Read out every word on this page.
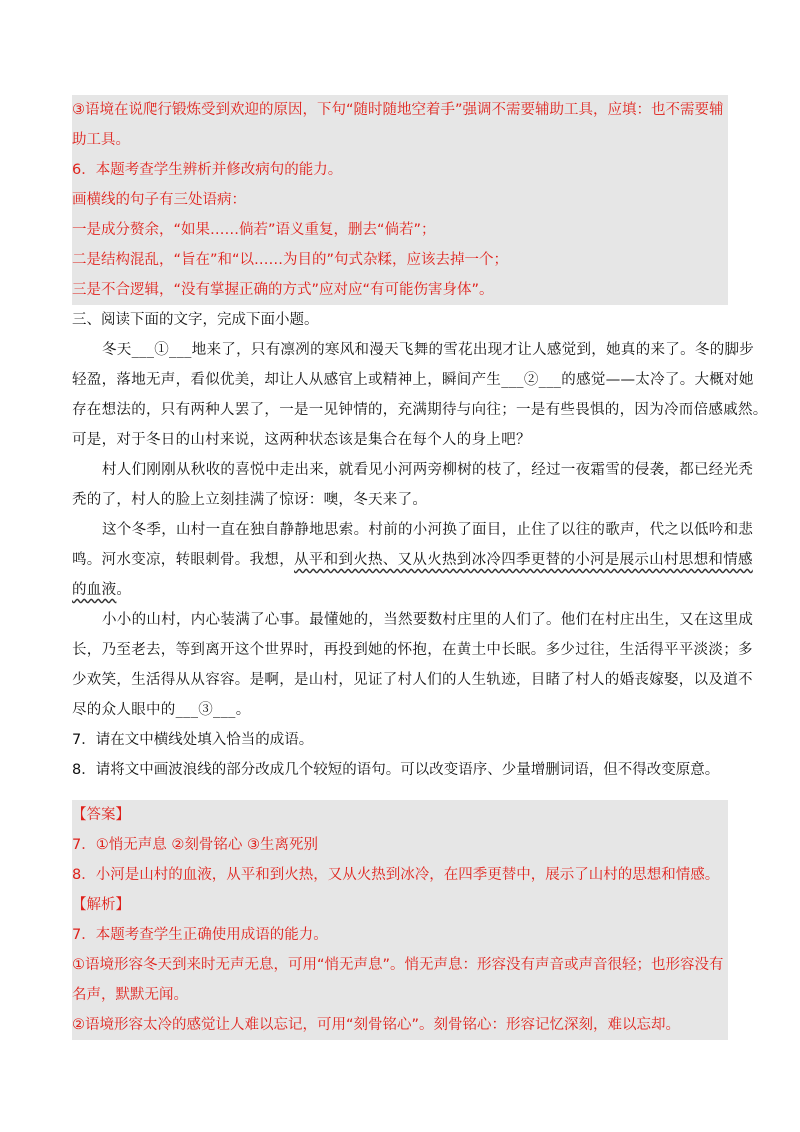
③语境在说爬行锻炼受到欢迎的原因，下句“随时随地空着手”强调不需要辅助工具，应填：也不需要辅
助工具。
6．本题考查学生辨析并修改病句的能力。
画横线的句子有三处语病：
一是成分赘余，“如果……倘若”语义重复，删去“倘若”；
二是结构混乱，“旨在”和“以……为目的”句式杂糅，应该去掉一个；
三是不合逻辑，“没有掌握正确的方式”应对应“有可能伤害身体”。
三、阅读下面的文字，完成下面小题。
冬天___①___地来了，只有凛冽的寒风和漫天飞舞的雪花出现才让人感觉到，她真的来了。冬的脚步
轻盈，落地无声，看似优美，却让人从感官上或精神上，瞬间产生___②___的感觉——太冷了。大概对她
存在想法的，只有两种人罢了，一是一见钟情的，充满期待与向往；一是有些畏惧的，因为冷而倍感戚然。
可是，对于冬日的山村来说，这两种状态该是集合在每个人的身上吧？
村人们刚刚从秋收的喜悦中走出来，就看见小河两旁柳树的枝了，经过一夜霜雪的侵袭，都已经光秃
秃的了，村人的脸上立刻挂满了惊讶：噢，冬天来了。
这个冬季，山村一直在独自静静地思索。村前的小河换了面目，止住了以往的歌声，代之以低吟和悲
鸣。河水变凉，转眼刺骨。我想，从平和到火热、又从火热到冰冷四季更替的小河是展示山村思想和情感
的血液。
小小的山村，内心装满了心事。最懂她的，当然要数村庄里的人们了。他们在村庄出生，又在这里成
长，乃至老去，等到离开这个世界时，再投到她的怀抱，在黄土中长眠。多少过往，生活得平平淡淡；多
少欢笑，生活得从从容容。是啊，是山村，见证了村人们的人生轨迹，目睹了村人的婚丧嫁娶，以及道不
尽的众人眼中的___③___。
7．请在文中横线处填入恰当的成语。
8．请将文中画波浪线的部分改成几个较短的语句。可以改变语序、少量增删词语，但不得改变原意。
【答案】
7．①悄无声息 ②刻骨铭心 ③生离死别
8．小河是山村的血液，从平和到火热，又从火热到冰冷，在四季更替中，展示了山村的思想和情感。
【解析】
7．本题考查学生正确使用成语的能力。
①语境形容冬天到来时无声无息，可用“悄无声息”。悄无声息：形容没有声音或声音很轻；也形容没有
名声，默默无闻。
②语境形容太冷的感觉让人难以忘记，可用“刻骨铭心”。刻骨铭心：形容记忆深刻，难以忘却。
